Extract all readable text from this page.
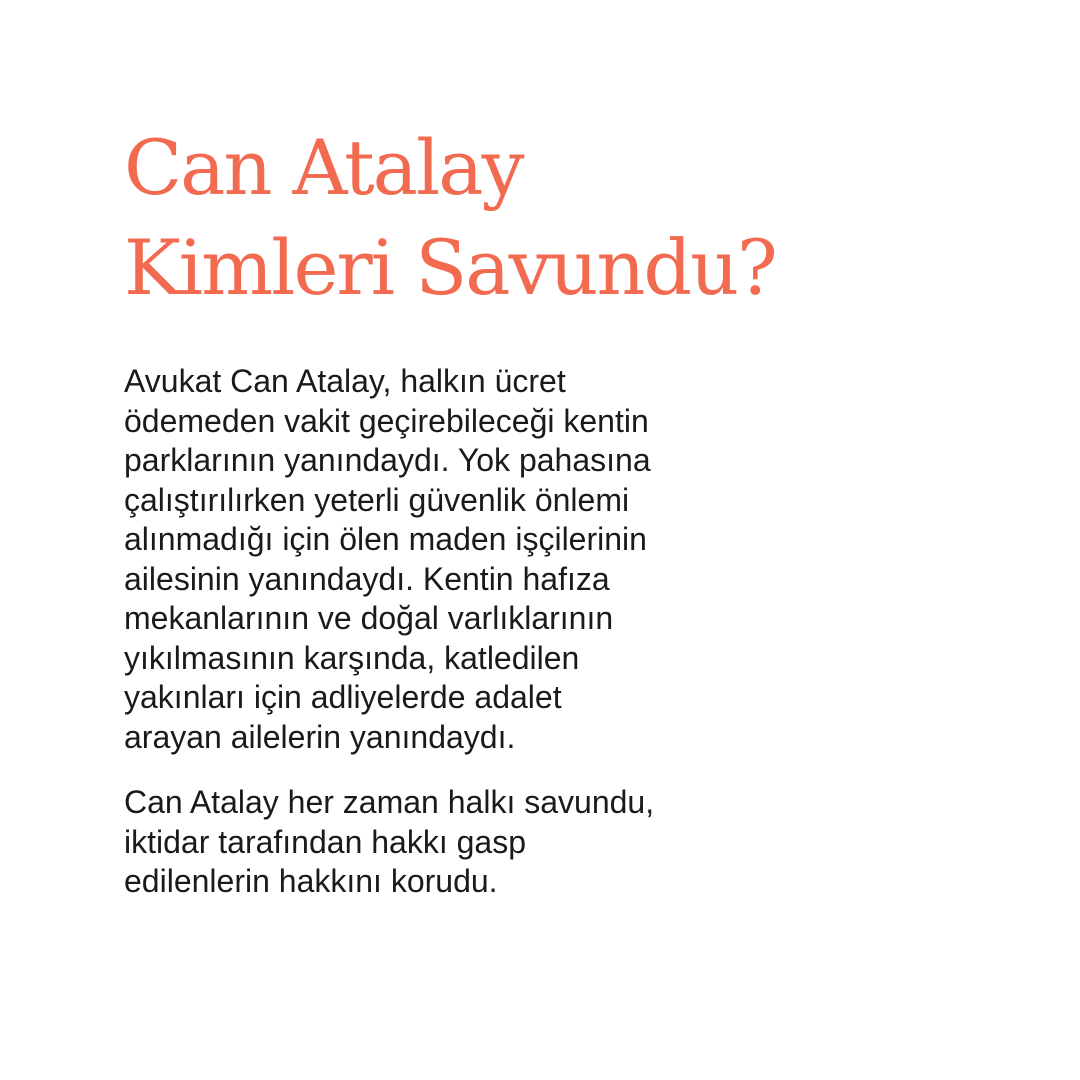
Can Atalay
Kimleri Savundu?

Avukat Can Atalay, halkın ücret
ödemeden vakit geçirebileceği kentin
parklarının yanındaydı. Yok pahasına
çalıştırılırken yeterli güvenlik önlemi
alınmadığı için ölen maden işçilerinin
ailesinin yanındaydı. Kentin hafıza
mekanlarının ve doğal varlıklarının
yıkılmasının karşında, katledilen
yakınları için adliyelerde adalet
arayan ailelerin yanındaydı.

Can Atalay her zaman halkı savundu,
iktidar tarafından hakkı gasp
edilenlerin hakkını korudu.
